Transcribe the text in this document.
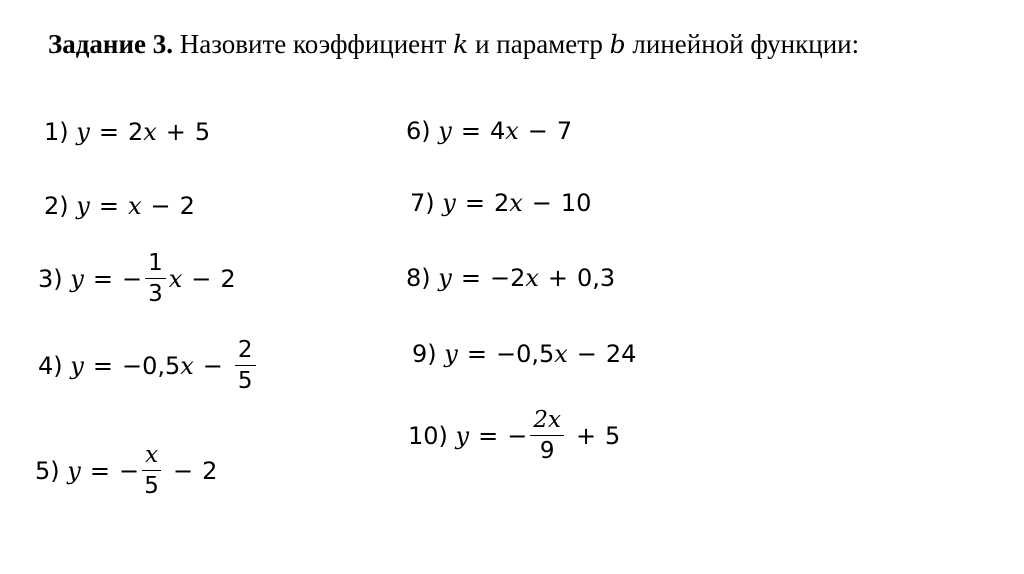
Задание 3. Назовите коэффициент k и параметр b линейной функции:
1)
y = 2 x + 5
2)
y = x − 2
3)
y = − $\frac{1}{3}$ x − 2
4)
y = −0,5 $x - \frac{2}{5}$
5)
y = − $\frac{x}{5} - 2$
6)
y = 4 x − 7
7)
y = 2 x − 10
8)
y = −2 x + 0,3
9)
y = −0,5 x − 24
10)
y = − $\frac{2x}{9} + 5$
